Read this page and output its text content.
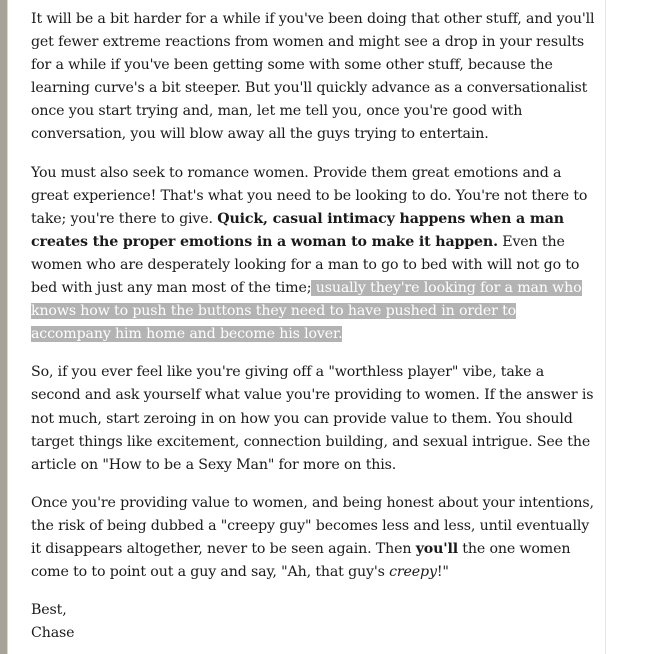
It will be a bit harder for a while if you've been doing that other stuff, and you'll get fewer extreme reactions from women and might see a drop in your results for a while if you've been getting some with some other stuff, because the learning curve's a bit steeper. But you'll quickly advance as a conversationalist once you start trying and, man, let me tell you, once you're good with conversation, you will blow away all the guys trying to entertain.

You must also seek to romance women. Provide them great emotions and a great experience! That's what you need to be looking to do. You're not there to take; you're there to give. Quick, casual intimacy happens when a man creates the proper emotions in a woman to make it happen. Even the women who are desperately looking for a man to go to bed with will not go to bed with just any man most of the time; usually they're looking for a man who knows how to push the buttons they need to have pushed in order to accompany him home and become his lover.

So, if you ever feel like you're giving off a "worthless player" vibe, take a second and ask yourself what value you're providing to women. If the answer is not much, start zeroing in on how you can provide value to them. You should target things like excitement, connection building, and sexual intrigue. See the article on "How to be a Sexy Man" for more on this.

Once you're providing value to women, and being honest about your intentions, the risk of being dubbed a "creepy guy" becomes less and less, until eventually it disappears altogether, never to be seen again. Then you'll the one women come to to point out a guy and say, "Ah, that guy's creepy!"

Best,
Chase
